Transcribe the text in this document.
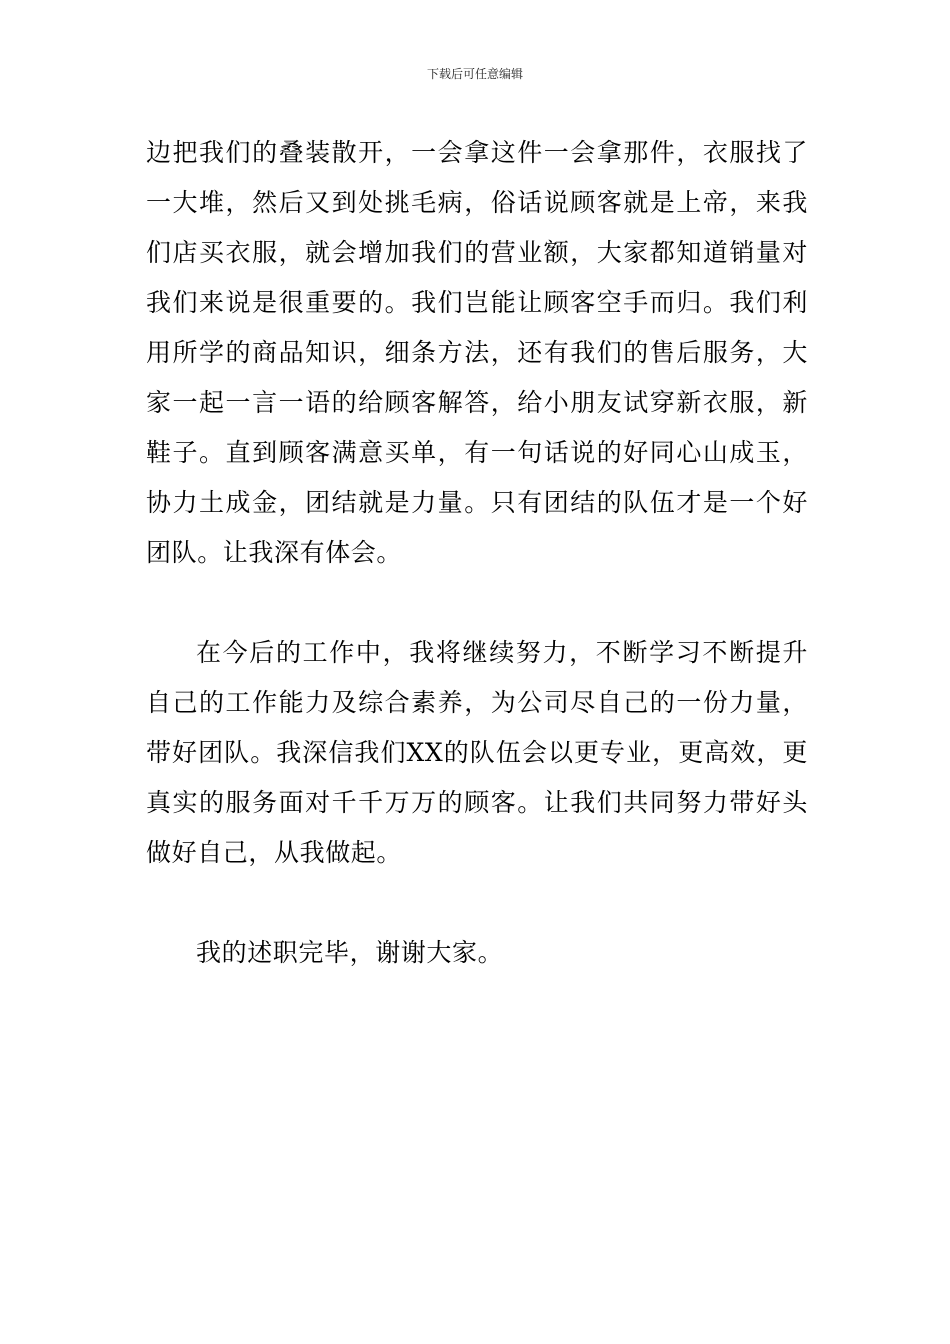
下载后可任意编辑

边把我们的叠装散开，一会拿这件一会拿那件，衣服找了一大堆，然后又到处挑毛病，俗话说顾客就是上帝，来我们店买衣服，就会增加我们的营业额，大家都知道销量对我们来说是很重要的。我们岂能让顾客空手而归。我们利用所学的商品知识，细条方法，还有我们的售后服务，大家一起一言一语的给顾客解答，给小朋友试穿新衣服，新鞋子。直到顾客满意买单，有一句话说的好同心山成玉，协力土成金，团结就是力量。只有团结的队伍才是一个好团队。让我深有体会。

在今后的工作中，我将继续努力，不断学习不断提升自己的工作能力及综合素养，为公司尽自己的一份力量，带好团队。我深信我们XX的队伍会以更专业，更高效，更真实的服务面对千千万万的顾客。让我们共同努力带好头做好自己，从我做起。

我的述职完毕，谢谢大家。
